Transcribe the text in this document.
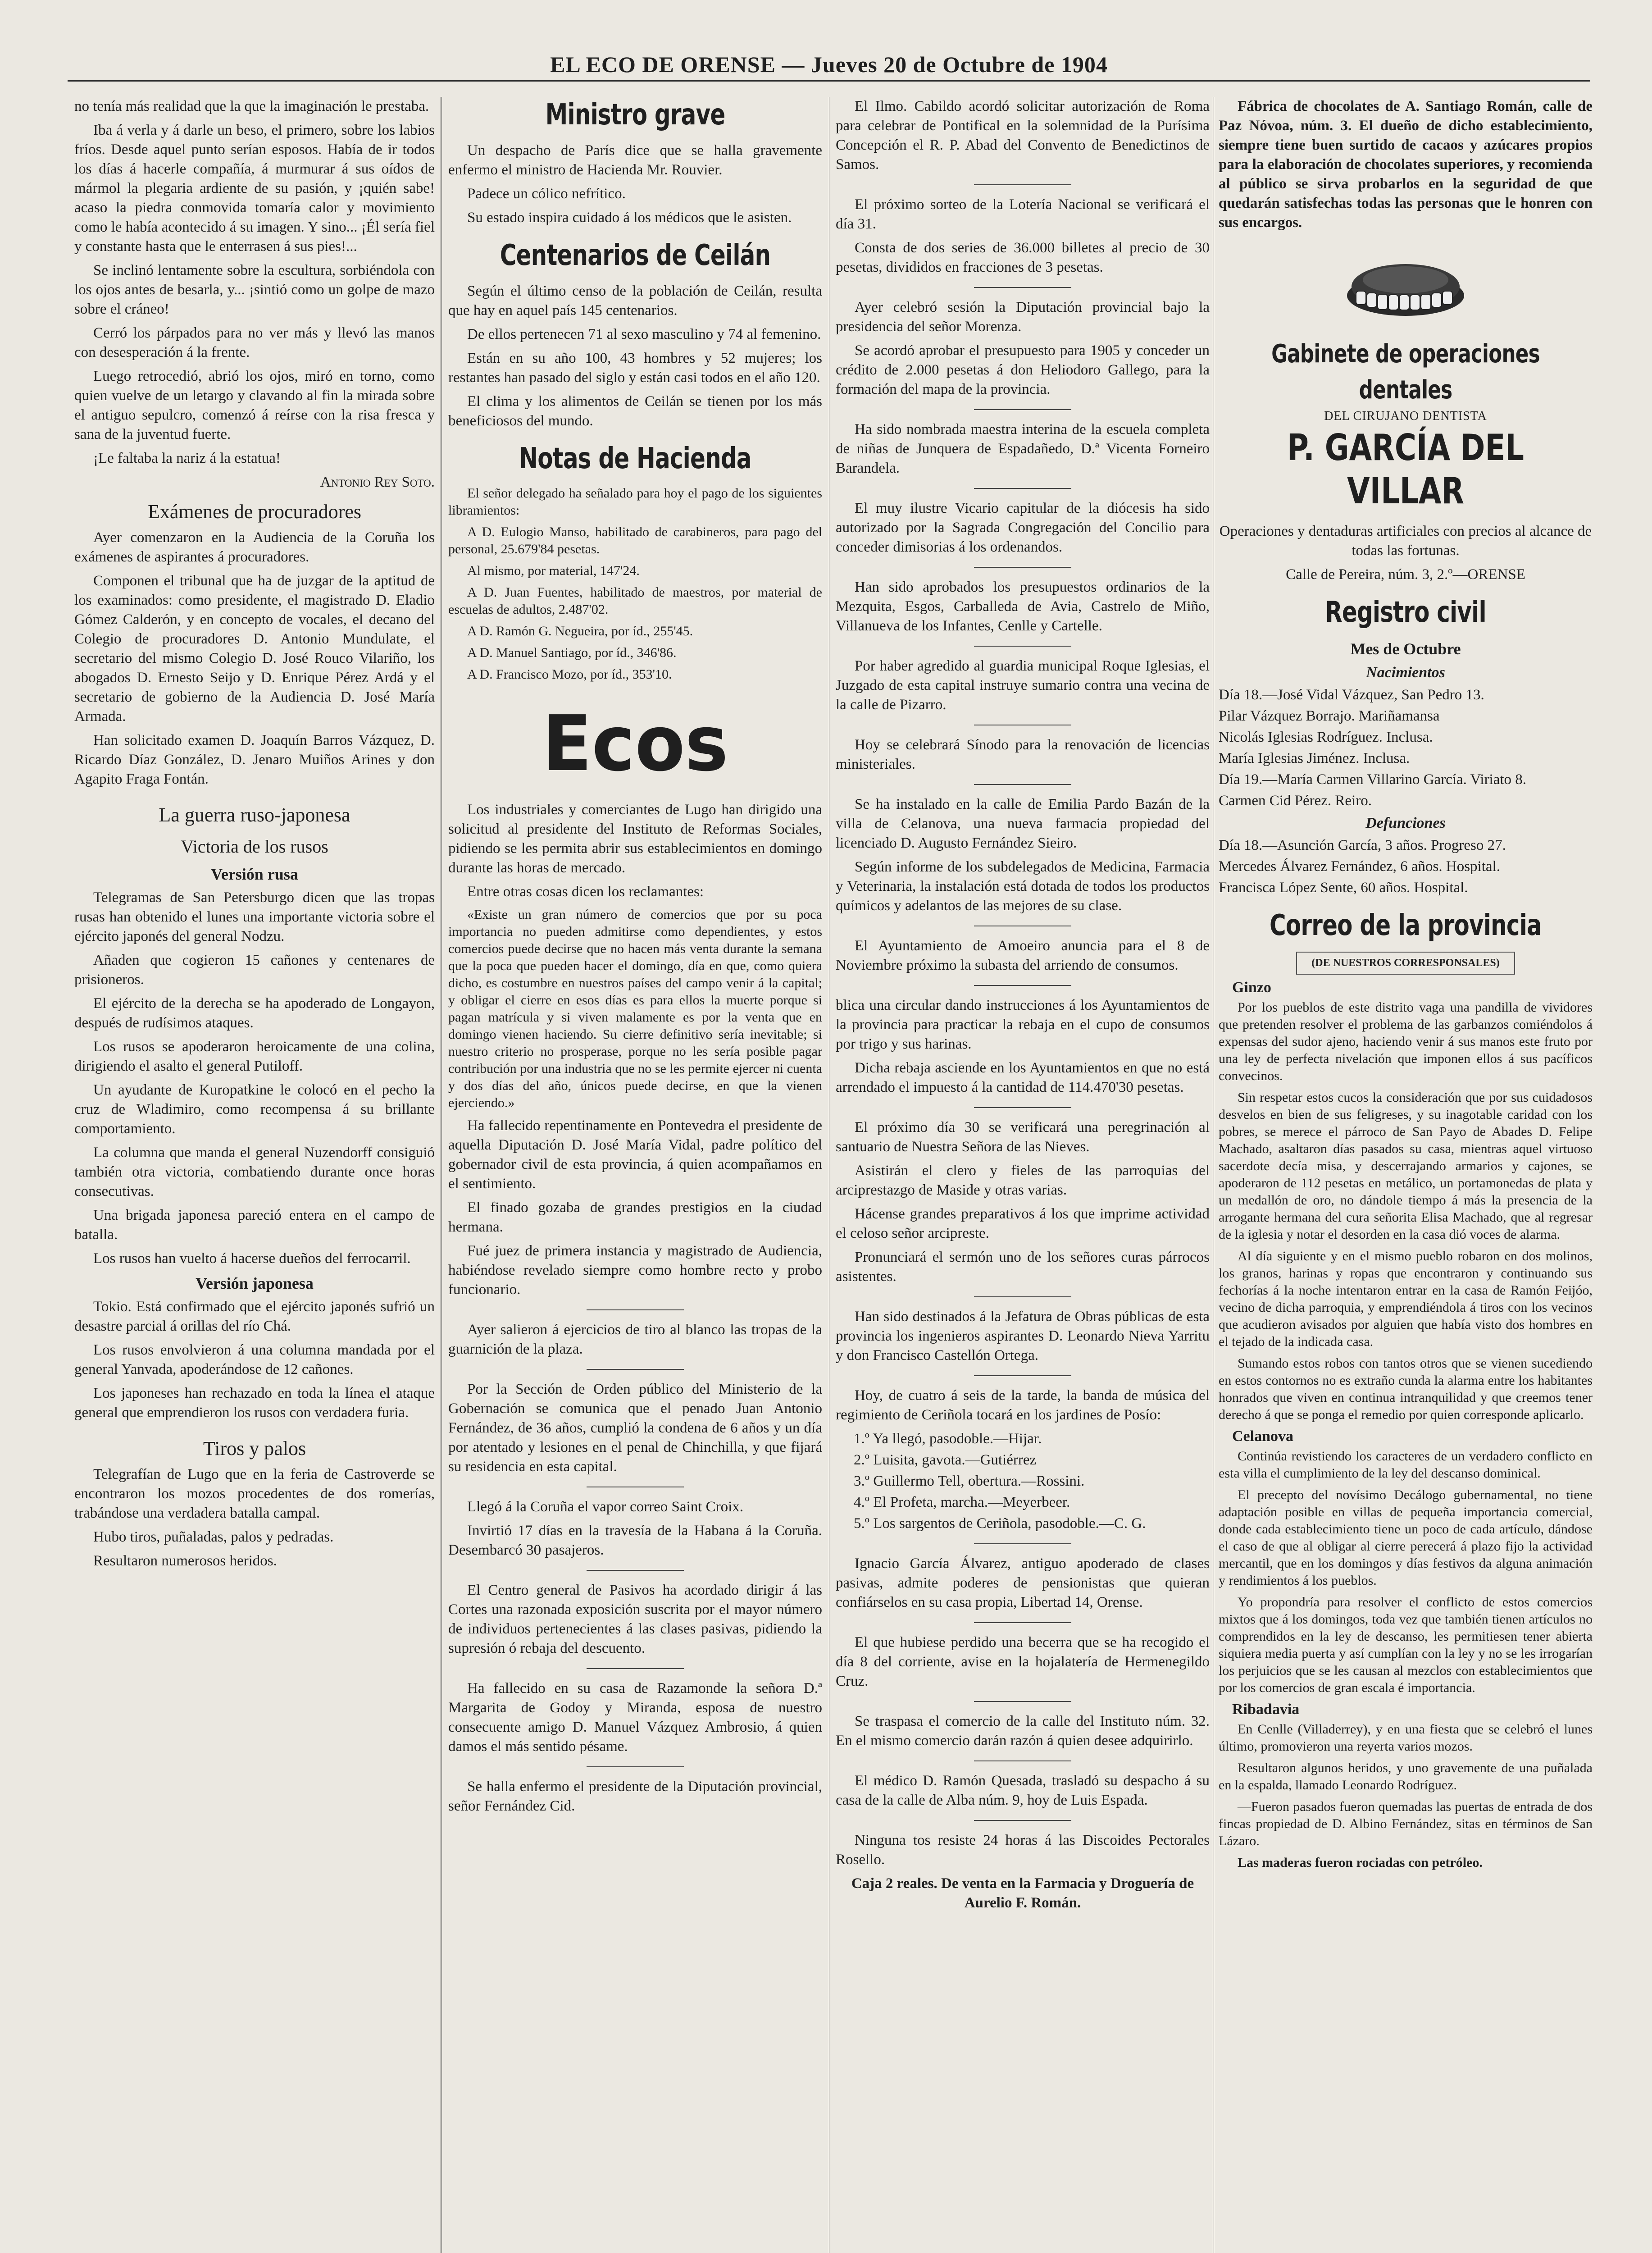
EL ECO DE ORENSE — Jueves 20 de Octubre de 1904

no tenía más realidad que la que la imaginación le prestaba.

Iba á verla y á darle un beso, el primero, sobre los labios fríos. Desde aquel punto serían esposos. Había de ir todos los días á hacerle compañía, á murmurar á sus oídos de mármol la plegaria ardiente de su pasión, y ¡quién sabe! acaso la piedra conmovida tomaría calor y movimiento como le había acontecido á su imagen. Y sino... ¡Él sería fiel y constante hasta que le enterrasen á sus pies!...

Se inclinó lentamente sobre la escultura, sorbiéndola con los ojos antes de besarla, y... ¡sintió como un golpe de mazo sobre el cráneo!

Cerró los párpados para no ver más y llevó las manos con desesperación á la frente.

Luego retrocedió, abrió los ojos, miró en torno, como quien vuelve de un letargo y clavando al fin la mirada sobre el antiguo sepulcro, comenzó á reírse con la risa fresca y sana de la juventud fuerte.

¡Le faltaba la nariz á la estatua!

Antonio Rey Soto.
Exámenes de procuradores

Ayer comenzaron en la Audiencia de la Coruña los exámenes de aspirantes á procuradores.

Componen el tribunal que ha de juzgar de la aptitud de los examinados: como presidente, el magistrado D. Eladio Gómez Calderón, y en concepto de vocales, el decano del Colegio de procuradores D. Antonio Mundulate, el secretario del mismo Colegio D. José Rouco Vilariño, los abogados D. Ernesto Seijo y D. Enrique Pérez Ardá y el secretario de gobierno de la Audiencia D. José María Armada.

Han solicitado examen D. Joaquín Barros Vázquez, D. Ricardo Díaz González, D. Jenaro Muiños Arines y don Agapito Fraga Fontán.

La guerra ruso-japonesa
Victoria de los rusos
Versión rusa

Telegramas de San Petersburgo dicen que las tropas rusas han obtenido el lunes una importante victoria sobre el ejército japonés del general Nodzu.

Añaden que cogieron 15 cañones y centenares de prisioneros.

El ejército de la derecha se ha apoderado de Longayon, después de rudísimos ataques.

Los rusos se apoderaron heroicamente de una colina, dirigiendo el asalto el general Putiloff.

Un ayudante de Kuropatkine le colocó en el pecho la cruz de Wladimiro, como recompensa á su brillante comportamiento.

La columna que manda el general Nuzendorff consiguió también otra victoria, combatiendo durante once horas consecutivas.

Una brigada japonesa pareció entera en el campo de batalla.

Los rusos han vuelto á hacerse dueños del ferrocarril.

Versión japonesa

Tokio. Está confirmado que el ejército japonés sufrió un desastre parcial á orillas del río Chá.

Los rusos envolvieron á una columna mandada por el general Yanvada, apoderándose de 12 cañones.

Los japoneses han rechazado en toda la línea el ataque general que emprendieron los rusos con verdadera furia.

Tiros y palos

Telegrafían de Lugo que en la feria de Castroverde se encontraron los mozos procedentes de dos romerías, trabándose una verdadera batalla campal.

Hubo tiros, puñaladas, palos y pedradas.

Resultaron numerosos heridos.

Ministro grave

Un despacho de París dice que se halla gravemente enfermo el ministro de Hacienda Mr. Rouvier.

Padece un cólico nefrítico.

Su estado inspira cuidado á los médicos que le asisten.

Centenarios de Ceilán

Según el último censo de la población de Ceilán, resulta que hay en aquel país 145 centenarios.

De ellos pertenecen 71 al sexo masculino y 74 al femenino.

Están en su año 100, 43 hombres y 52 mujeres; los restantes han pasado del siglo y están casi todos en el año 120.

El clima y los alimentos de Ceilán se tienen por los más beneficiosos del mundo.

Notas de Hacienda

El señor delegado ha señalado para hoy el pago de los siguientes libramientos:

A D. Eulogio Manso, habilitado de carabineros, para pago del personal, 25.679'84 pesetas.

Al mismo, por material, 147'24.

A D. Juan Fuentes, habilitado de maestros, por material de escuelas de adultos, 2.487'02.

A D. Ramón G. Negueira, por íd., 255'45.

A D. Manuel Santiago, por íd., 346'86.

A D. Francisco Mozo, por íd., 353'10.

Ecos

Los industriales y comerciantes de Lugo han dirigido una solicitud al presidente del Instituto de Reformas Sociales, pidiendo se les permita abrir sus establecimientos en domingo durante las horas de mercado.

Entre otras cosas dicen los reclamantes:

«Existe un gran número de comercios que por su poca importancia no pueden admitirse como dependientes, y estos comercios puede decirse que no hacen más venta durante la semana que la poca que pueden hacer el domingo, día en que, como quiera dicho, es costumbre en nuestros países del campo venir á la capital; y obligar el cierre en esos días es para ellos la muerte porque si pagan matrícula y si viven malamente es por la venta que en domingo vienen haciendo. Su cierre definitivo sería inevitable; si nuestro criterio no prosperase, porque no les sería posible pagar contribución por una industria que no se les permite ejercer ni cuenta y dos días del año, únicos puede decirse, en que la vienen ejerciendo.»

Ha fallecido repentinamente en Pontevedra el presidente de aquella Diputación D. José María Vidal, padre político del gobernador civil de esta provincia, á quien acompañamos en el sentimiento.

El finado gozaba de grandes prestigios en la ciudad hermana.

Fué juez de primera instancia y magistrado de Audiencia, habiéndose revelado siempre como hombre recto y probo funcionario.

Ayer salieron á ejercicios de tiro al blanco las tropas de la guarnición de la plaza.

Por la Sección de Orden público del Ministerio de la Gobernación se comunica que el penado Juan Antonio Fernández, de 36 años, cumplió la condena de 6 años y un día por atentado y lesiones en el penal de Chinchilla, y que fijará su residencia en esta capital.

Llegó á la Coruña el vapor correo Saint Croix.

Invirtió 17 días en la travesía de la Habana á la Coruña. Desembarcó 30 pasajeros.

El Centro general de Pasivos ha acordado dirigir á las Cortes una razonada exposición suscrita por el mayor número de individuos pertenecientes á las clases pasivas, pidiendo la supresión ó rebaja del descuento.

Ha fallecido en su casa de Razamonde la señora D.ª Margarita de Godoy y Miranda, esposa de nuestro consecuente amigo D. Manuel Vázquez Ambrosio, á quien damos el más sentido pésame.

Se halla enfermo el presidente de la Diputación provincial, señor Fernández Cid.

El Ilmo. Cabildo acordó solicitar autorización de Roma para celebrar de Pontifical en la solemnidad de la Purísima Concepción el R. P. Abad del Convento de Benedictinos de Samos.

El próximo sorteo de la Lotería Nacional se verificará el día 31.

Consta de dos series de 36.000 billetes al precio de 30 pesetas, divididos en fracciones de 3 pesetas.

Ayer celebró sesión la Diputación provincial bajo la presidencia del señor Morenza.

Se acordó aprobar el presupuesto para 1905 y conceder un crédito de 2.000 pesetas á don Heliodoro Gallego, para la formación del mapa de la provincia.

Ha sido nombrada maestra interina de la escuela completa de niñas de Junquera de Espadañedo, D.ª Vicenta Forneiro Barandela.

El muy ilustre Vicario capitular de la diócesis ha sido autorizado por la Sagrada Congregación del Concilio para conceder dimisorias á los ordenandos.

Han sido aprobados los presupuestos ordinarios de la Mezquita, Esgos, Carballeda de Avia, Castrelo de Miño, Villanueva de los Infantes, Cenlle y Cartelle.

Por haber agredido al guardia municipal Roque Iglesias, el Juzgado de esta capital instruye sumario contra una vecina de la calle de Pizarro.

Hoy se celebrará Sínodo para la renovación de licencias ministeriales.

Se ha instalado en la calle de Emilia Pardo Bazán de la villa de Celanova, una nueva farmacia propiedad del licenciado D. Augusto Fernández Sieiro.

Según informe de los subdelegados de Medicina, Farmacia y Veterinaria, la instalación está dotada de todos los productos químicos y adelantos de las mejores de su clase.

El Ayuntamiento de Amoeiro anuncia para el 8 de Noviembre próximo la subasta del arriendo de consumos.

blica una circular dando instrucciones á los Ayuntamientos de la provincia para practicar la rebaja en el cupo de consumos por trigo y sus harinas.

Dicha rebaja asciende en los Ayuntamientos en que no está arrendado el impuesto á la cantidad de 114.470'30 pesetas.

El próximo día 30 se verificará una peregrinación al santuario de Nuestra Señora de las Nieves.

Asistirán el clero y fieles de las parroquias del arciprestazgo de Maside y otras varias.

Hácense grandes preparativos á los que imprime actividad el celoso señor arcipreste.

Pronunciará el sermón uno de los señores curas párrocos asistentes.

Han sido destinados á la Jefatura de Obras públicas de esta provincia los ingenieros aspirantes D. Leonardo Nieva Yarritu y don Francisco Castellón Ortega.

Hoy, de cuatro á seis de la tarde, la banda de música del regimiento de Ceriñola tocará en los jardines de Posío:

1.º Ya llegó, pasodoble.—Hijar.

2.º Luisita, gavota.—Gutiérrez

3.º Guillermo Tell, obertura.—Rossini.

4.º El Profeta, marcha.—Meyerbeer.

5.º Los sargentos de Ceriñola, pasodoble.—C. G.

Ignacio García Álvarez, antiguo apoderado de clases pasivas, admite poderes de pensionistas que quieran confiárselos en su casa propia, Libertad 14, Orense.

El que hubiese perdido una becerra que se ha recogido el día 8 del corriente, avise en la hojalatería de Hermenegildo Cruz.

Se traspasa el comercio de la calle del Instituto núm. 32. En el mismo comercio darán razón á quien desee adquirirlo.

El médico D. Ramón Quesada, trasladó su despacho á su casa de la calle de Alba núm. 9, hoy de Luis Espada.

Ninguna tos resiste 24 horas á las Discoides Pectorales Rosello.

Caja 2 reales. De venta en la Farmacia y Droguería de Aurelio F. Román.

Fábrica de chocolates de A. Santiago Román, calle de Paz Nóvoa, núm. 3. El dueño de dicho establecimiento, siempre tiene buen surtido de cacaos y azúcares propios para la elaboración de chocolates superiores, y recomienda al público se sirva probarlos en la seguridad de que quedarán satisfechas todas las personas que le honren con sus encargos.

Gabinete de operaciones dentales
DEL CIRUJANO DENTISTA
P. GARCÍA DEL VILLAR

Operaciones y dentaduras artificiales con precios al alcance de todas las fortunas.

Calle de Pereira, núm. 3, 2.º—ORENSE

Registro civil
Mes de Octubre
Nacimientos

Día 18.—José Vidal Vázquez, San Pedro 13.

Pilar Vázquez Borrajo. Mariñamansa

Nicolás Iglesias Rodríguez. Inclusa.

María Iglesias Jiménez. Inclusa.

Día 19.—María Carmen Villarino García. Viriato 8.

Carmen Cid Pérez. Reiro.

Defunciones

Día 18.—Asunción García, 3 años. Progreso 27.

Mercedes Álvarez Fernández, 6 años. Hospital.

Francisca López Sente, 60 años. Hospital.

Correo de la provincia
(DE NUESTROS CORRESPONSALES)
Ginzo

Por los pueblos de este distrito vaga una pandilla de vividores que pretenden resolver el problema de las garbanzos comiéndolos á expensas del sudor ajeno, haciendo venir á sus manos este fruto por una ley de perfecta nivelación que imponen ellos á sus pacíficos convecinos.

Sin respetar estos cucos la consideración que por sus cuidadosos desvelos en bien de sus feligreses, y su inagotable caridad con los pobres, se merece el párroco de San Payo de Abades D. Felipe Machado, asaltaron días pasados su casa, mientras aquel virtuoso sacerdote decía misa, y descerrajando armarios y cajones, se apoderaron de 112 pesetas en metálico, un portamonedas de plata y un medallón de oro, no dándole tiempo á más la presencia de la arrogante hermana del cura señorita Elisa Machado, que al regresar de la iglesia y notar el desorden en la casa dió voces de alarma.

Al día siguiente y en el mismo pueblo robaron en dos molinos, los granos, harinas y ropas que encontraron y continuando sus fechorías á la noche intentaron entrar en la casa de Ramón Feijóo, vecino de dicha parroquia, y emprendiéndola á tiros con los vecinos que acudieron avisados por alguien que había visto dos hombres en el tejado de la indicada casa.

Sumando estos robos con tantos otros que se vienen sucediendo en estos contornos no es extraño cunda la alarma entre los habitantes honrados que viven en continua intranquilidad y que creemos tener derecho á que se ponga el remedio por quien corresponde aplicarlo.

Celanova

Continúa revistiendo los caracteres de un verdadero conflicto en esta villa el cumplimiento de la ley del descanso dominical.

El precepto del novísimo Decálogo gubernamental, no tiene adaptación posible en villas de pequeña importancia comercial, donde cada establecimiento tiene un poco de cada artículo, dándose el caso de que al obligar al cierre perecerá á plazo fijo la actividad mercantil, que en los domingos y días festivos da alguna animación y rendimientos á los pueblos.

Yo propondría para resolver el conflicto de estos comercios mixtos que á los domingos, toda vez que también tienen artículos no comprendidos en la ley de descanso, les permitiesen tener abierta siquiera media puerta y así cumplían con la ley y no se les irrogarían los perjuicios que se les causan al mezclos con establecimientos que por los comercios de gran escala é importancia.

Ribadavia

En Cenlle (Villaderrey), y en una fiesta que se celebró el lunes último, promovieron una reyerta varios mozos.

Resultaron algunos heridos, y uno gravemente de una puñalada en la espalda, llamado Leonardo Rodríguez.

—Fueron pasados fueron quemadas las puertas de entrada de dos fincas propiedad de D. Albino Fernández, sitas en términos de San Lázaro.

Las maderas fueron rociadas con petróleo.
